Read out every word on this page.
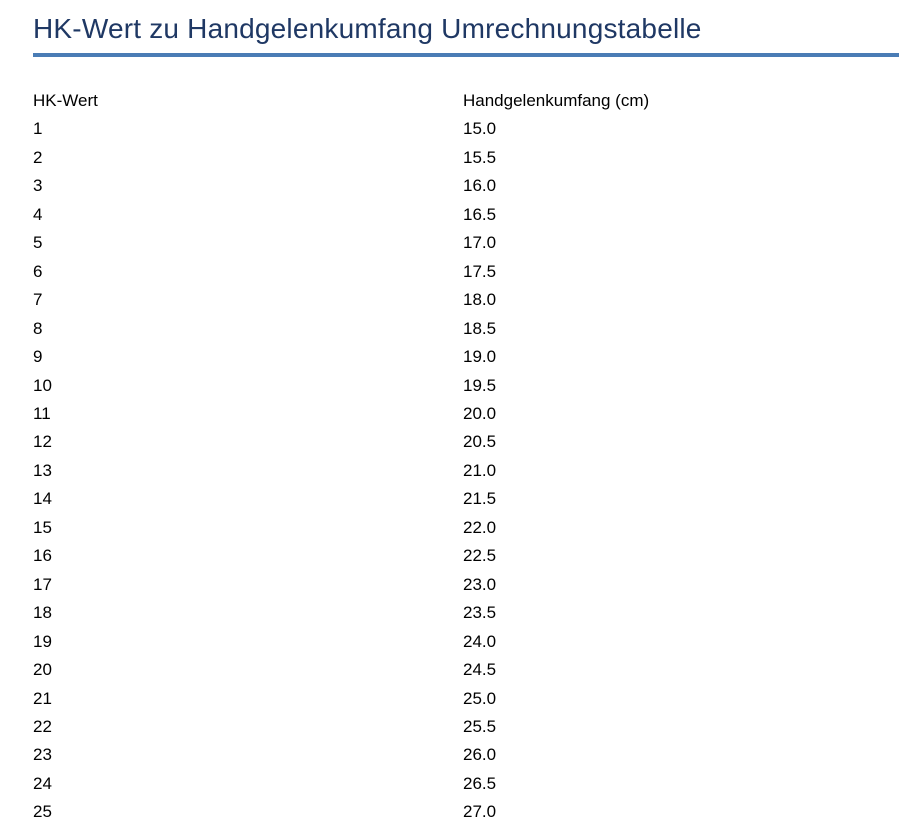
HK-Wert zu Handgelenkumfang Umrechnungstabelle
HK-Wert	Handgelenkumfang (cm)
1	15.0
2	15.5
3	16.0
4	16.5
5	17.0
6	17.5
7	18.0
8	18.5
9	19.0
10	19.5
11	20.0
12	20.5
13	21.0
14	21.5
15	22.0
16	22.5
17	23.0
18	23.5
19	24.0
20	24.5
21	25.0
22	25.5
23	26.0
24	26.5
25	27.0
